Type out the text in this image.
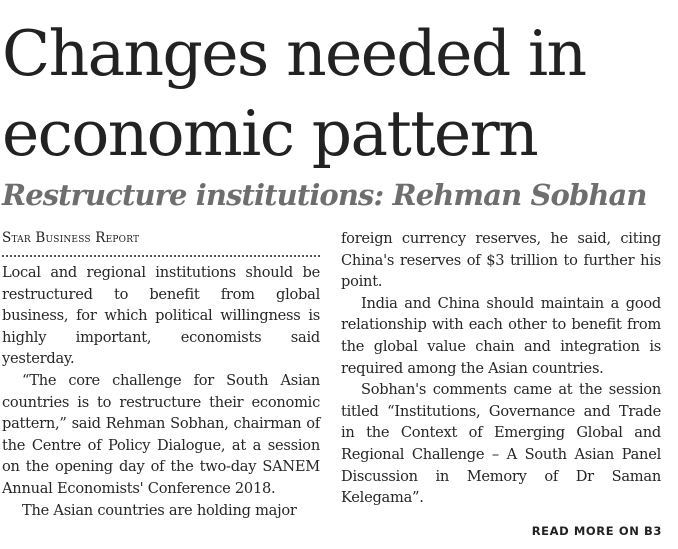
Changes needed in
economic pattern
Restructure institutions: Rehman Sobhan
Star Business Report

Local and regional institutions should be restructured to benefit from global business, for which political willingness is highly important, economists said yesterday.

“The core challenge for South Asian countries is to restructure their economic pattern,” said Rehman Sobhan, chairman of the Centre of Policy Dialogue, at a session on the opening day of the two-day SANEM Annual Economists' Conference 2018.

The Asian countries are holding major

foreign currency reserves, he said, citing China's reserves of $3 trillion to further his point.

India and China should maintain a good relationship with each other to benefit from the global value chain and integration is required among the Asian countries.

Sobhan's comments came at the session titled “Institutions, Governance and Trade in the Context of Emerging Global and Regional Challenge – A South Asian Panel Discussion in Memory of Dr Saman Kelegama”.

READ MORE ON B3
